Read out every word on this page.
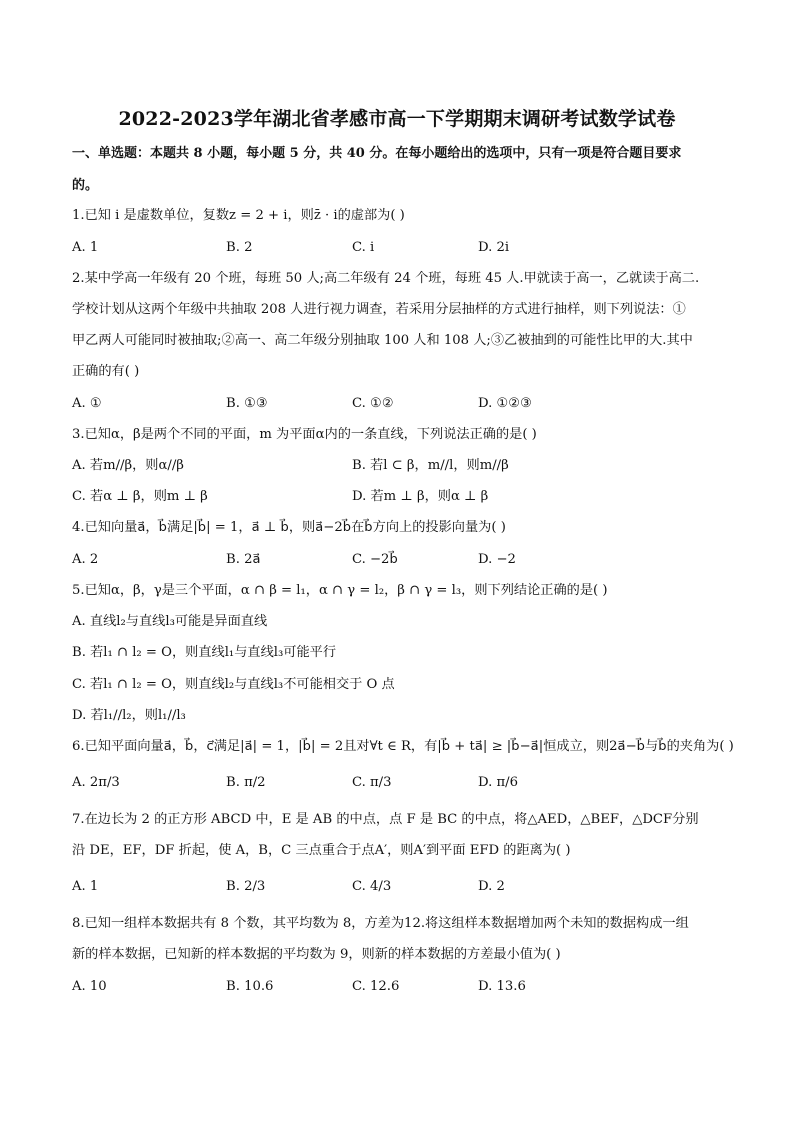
2022-2023学年湖北省孝感市高一下学期期末调研考试数学试卷
一、单选题：本题共 8 小题，每小题 5 分，共 40 分。在每小题给出的选项中，只有一项是符合题目要求
的。
1.已知 i 是虚数单位，复数z = 2 + i，则z̄ · i的虚部为( )
A. 1	B. 2	C. i	D. 2i
2.某中学高一年级有 20 个班，每班 50 人;高二年级有 24 个班，每班 45 人.甲就读于高一，乙就读于高二.
学校计划从这两个年级中共抽取 208 人进行视力调查，若采用分层抽样的方式进行抽样，则下列说法：①
甲乙两人可能同时被抽取;②高一、高二年级分别抽取 100 人和 108 人;③乙被抽到的可能性比甲的大.其中
正确的有( )
A. ①	B. ①③	C. ①②	D. ①②③
3.已知α，β是两个不同的平面，m 为平面α内的一条直线，下列说法正确的是( )
A. 若m//β，则α//β	B. 若l ⊂ β，m//l，则m//β
C. 若α ⊥ β，则m ⊥ β	D. 若m ⊥ β，则α ⊥ β
4.已知向量a⃗，b⃗满足|b⃗| = 1，a⃗ ⊥ b⃗，则a⃗−2b⃗在b⃗方向上的投影向量为( )
A. 2	B. 2a⃗	C. −2b⃗	D. −2
5.已知α，β，γ是三个平面，α ∩ β = l₁，α ∩ γ = l₂，β ∩ γ = l₃，则下列结论正确的是( )
A. 直线l₂与直线l₃可能是异面直线
B. 若l₁ ∩ l₂ = O，则直线l₁与直线l₃可能平行
C. 若l₁ ∩ l₂ = O，则直线l₂与直线l₃不可能相交于 O 点
D. 若l₁//l₂，则l₁//l₃
6.已知平面向量a⃗，b⃗，c⃗满足|a⃗| = 1，|b⃗| = 2且对∀t ∈ R，有|b⃗ + ta⃗| ≥ |b⃗−a⃗|恒成立，则2a⃗−b⃗与b⃗的夹角为( )
A. 2π/3	B. π/2	C. π/3	D. π/6
7.在边长为 2 的正方形 ABCD 中，E 是 AB 的中点，点 F 是 BC 的中点，将△AED，△BEF，△DCF分别
沿 DE，EF，DF 折起，使 A，B，C 三点重合于点A′，则A′到平面 EFD 的距离为( )
A. 1	B. 2/3	C. 4/3	D. 2
8.已知一组样本数据共有 8 个数，其平均数为 8，方差为12.将这组样本数据增加两个未知的数据构成一组
新的样本数据，已知新的样本数据的平均数为 9，则新的样本数据的方差最小值为( )
A. 10	B. 10.6	C. 12.6	D. 13.6
